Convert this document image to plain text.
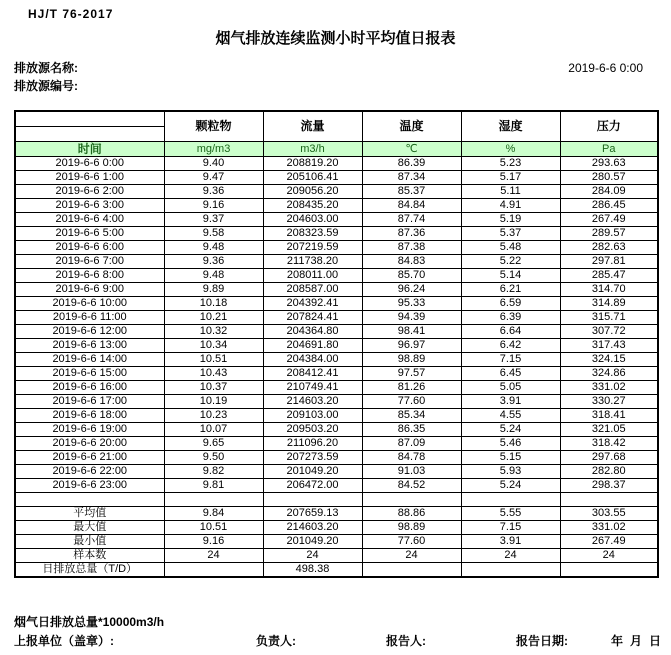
HJ/T 76-2017
烟气排放连续监测小时平均值日报表
排放源名称:	2019-6-6 0:00
排放源编号:
	颗粒物	流量	温度	湿度	压力

时间	mg/m3	m3/h	℃	%	Pa
2019-6-6 0:00	9.40	208819.20	86.39	5.23	293.63
2019-6-6 1:00	9.47	205106.41	87.34	5.17	280.57
2019-6-6 2:00	9.36	209056.20	85.37	5.11	284.09
2019-6-6 3:00	9.16	208435.20	84.84	4.91	286.45
2019-6-6 4:00	9.37	204603.00	87.74	5.19	267.49
2019-6-6 5:00	9.58	208323.59	87.36	5.37	289.57
2019-6-6 6:00	9.48	207219.59	87.38	5.48	282.63
2019-6-6 7:00	9.36	211738.20	84.83	5.22	297.81
2019-6-6 8:00	9.48	208011.00	85.70	5.14	285.47
2019-6-6 9:00	9.89	208587.00	96.24	6.21	314.70
2019-6-6 10:00	10.18	204392.41	95.33	6.59	314.89
2019-6-6 11:00	10.21	207824.41	94.39	6.39	315.71
2019-6-6 12:00	10.32	204364.80	98.41	6.64	307.72
2019-6-6 13:00	10.34	204691.80	96.97	6.42	317.43
2019-6-6 14:00	10.51	204384.00	98.89	7.15	324.15
2019-6-6 15:00	10.43	208412.41	97.57	6.45	324.86
2019-6-6 16:00	10.37	210749.41	81.26	5.05	331.02
2019-6-6 17:00	10.19	214603.20	77.60	3.91	330.27
2019-6-6 18:00	10.23	209103.00	85.34	4.55	318.41
2019-6-6 19:00	10.07	209503.20	86.35	5.24	321.05
2019-6-6 20:00	9.65	211096.20	87.09	5.46	318.42
2019-6-6 21:00	9.50	207273.59	84.78	5.15	297.68
2019-6-6 22:00	9.82	201049.20	91.03	5.93	282.80
2019-6-6 23:00	9.81	206472.00	84.52	5.24	298.37

平均值	9.84	207659.13	88.86	5.55	303.55
最大值	10.51	214603.20	98.89	7.15	331.02
最小值	9.16	201049.20	77.60	3.91	267.49
样本数	24	24	24	24	24
日排放总量（T/D）		498.38			
烟气日排放总量*10000m3/h
上报单位（盖章）:	负责人:	报告人:	报告日期:	年 月 日
